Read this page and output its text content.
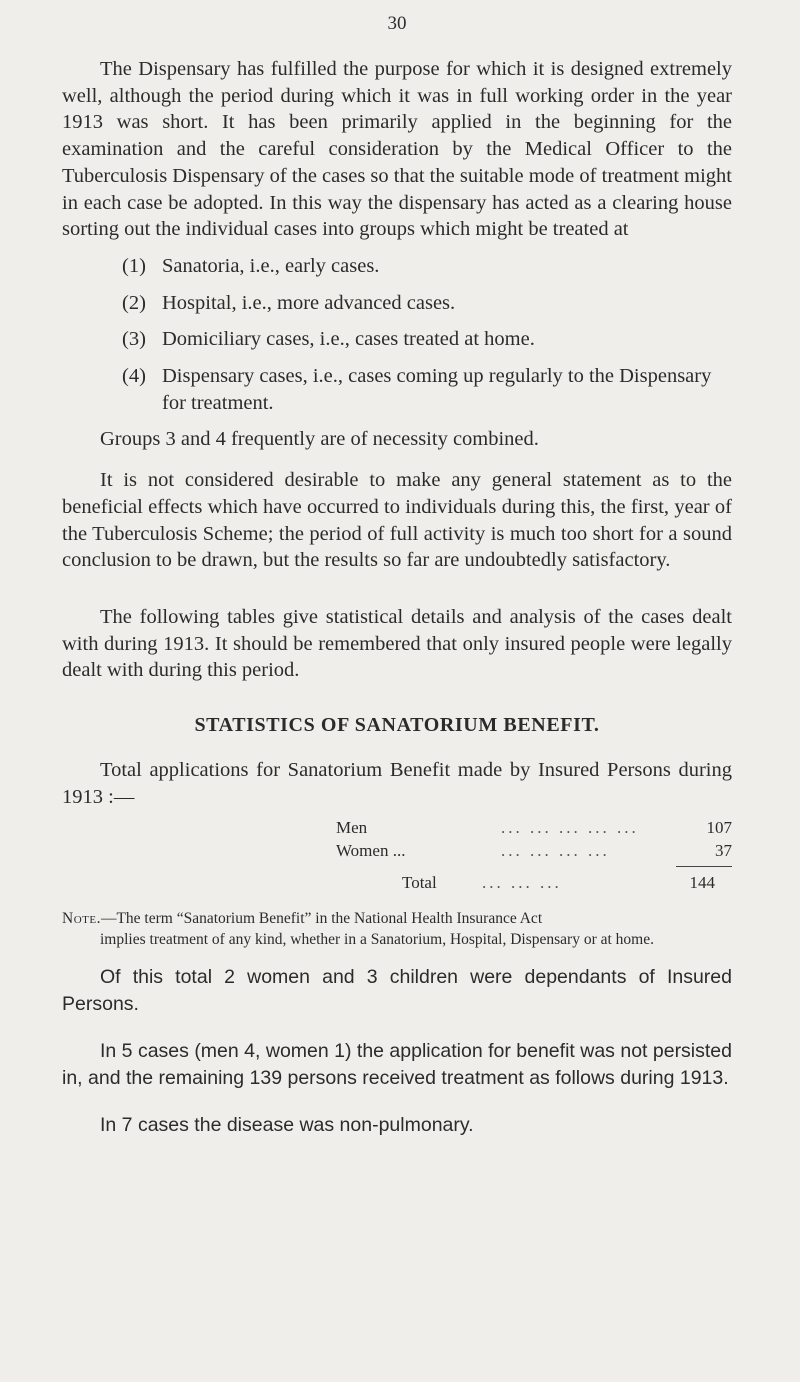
30

The Dispensary has fulfilled the purpose for which it is designed extremely well, although the period during which it was in full working order in the year 1913 was short. It has been primarily applied in the beginning for the examination and the careful consideration by the Medical Officer to the Tuberculosis Dispensary of the cases so that the suitable mode of treatment might in each case be adopted. In this way the dispensary has acted as a clearing house sorting out the individual cases into groups which might be treated at

(1) Sanatoria, i.e., early cases.
(2) Hospital, i.e., more advanced cases.
(3) Domiciliary cases, i.e., cases treated at home.
(4) Dispensary cases, i.e., cases coming up regularly to the Dispensary for treatment.

Groups 3 and 4 frequently are of necessity combined.

It is not considered desirable to make any general statement as to the beneficial effects which have occurred to individuals during this, the first, year of the Tuberculosis Scheme; the period of full activity is much too short for a sound conclusion to be drawn, but the results so far are undoubtedly satisfactory.

The following tables give statistical details and analysis of the cases dealt with during 1913. It should be remembered that only insured people were legally dealt with during this period.

STATISTICS OF SANATORIUM BENEFIT.

Total applications for Sanatorium Benefit made by Insured Persons during 1913 :—

Men	... ... ... ... ...	107
Women ...	... ... ... ...	37
Total	... ... ...	144
Note.—The term “Sanatorium Benefit” in the National Health Insurance Act
implies treatment of any kind, whether in a Sanatorium, Hospital, Dispensary or at home.

Of this total 2 women and 3 children were dependants of Insured Persons.

In 5 cases (men 4, women 1) the application for benefit was not persisted in, and the remaining 139 persons received treatment as follows during 1913.

In 7 cases the disease was non-pulmonary.
